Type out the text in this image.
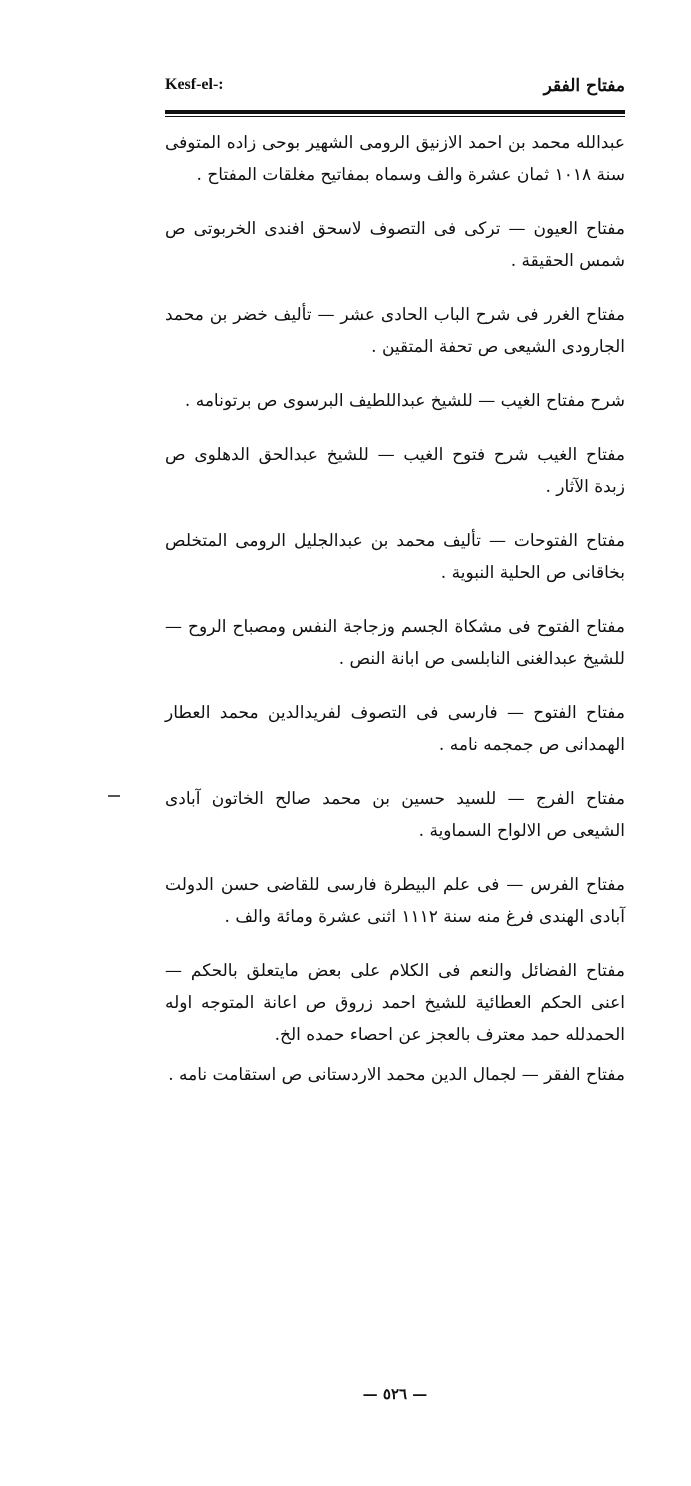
مفتاح الفقر
Kesf-el-:

عبدالله محمد بن احمد الازنيق الرومى الشهير بوحى زاده المتوفى سنة ١٠١٨ ثمان عشرة والف وسماه بمفاتيح مغلقات المفتاح .

مفتاح العيون — تركى فى التصوف لاسحق افندى الخربوتى ص شمس الحقيقة .

مفتاح الغرر فى شرح الباب الحادى عشر — تأليف خضر بن محمد الجارودى الشيعى ص تحفة المتقين .

شرح مفتاح الغيب — للشيخ عبداللطيف البرسوى ص برتونامه .

مفتاح الغيب شرح فتوح الغيب — للشيخ عبدالحق الدهلوى ص زبدة الآثار .

مفتاح الفتوحات — تأليف محمد بن عبدالجليل الرومى المتخلص بخاقانى ص الحلية النبوية .

مفتاح الفتوح فى مشكاة الجسم وزجاجة النفس ومصباح الروح — للشيخ عبدالغنى النابلسى ص ابانة النص .

مفتاح الفتوح — فارسى فى التصوف لفريدالدين محمد العطار الهمدانى ص جمجمه نامه .

مفتاح الفرج — للسيد حسين بن محمد صالح الخاتون آبادى الشيعى ص الالواح السماوية .

مفتاح الفرس — فى علم البيطرة فارسى للقاضى حسن الدولت آبادى الهندى فرغ منه سنة ١١١٢ اثنى عشرة ومائة والف .

مفتاح الفضائل والنعم فى الكلام على بعض مايتعلق بالحكم — اعنى الحكم العطائية للشيخ احمد زروق ص اعانة المتوجه اوله الحمدلله حمد معترف بالعجز عن احصاء حمده الخ.

مفتاح الفقر — لجمال الدين محمد الاردستانى ص استقامت نامه .

— ٥٢٦ —
